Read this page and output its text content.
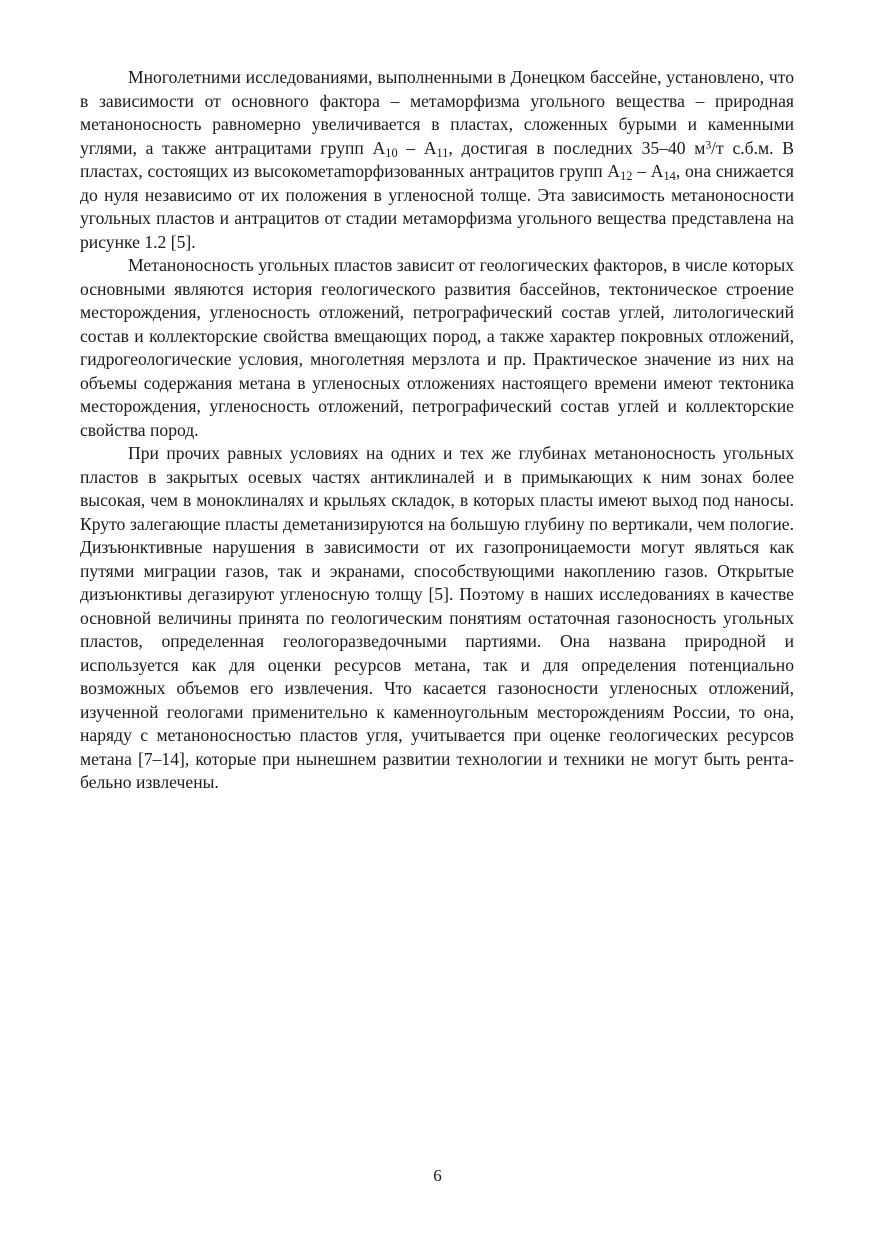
Многолетними исследованиями, выполненными в Донецком бассейне, установлено, что в зависимости от основного фактора – метаморфизма угольного вещества – природная метаноносность равномерно увеличивается в пластах, сложенных бурыми и каменными углями, а также антрацитами групп $А_{10} - А_{11}$, достигая в последних 35–40 $м^3/т$ с.б.м. В пластах, состоящих из высокометаmорфизованных антрацитов групп $А_{12} - А_{14}$, она снижается до нуля независимо от их положения в угленосной толще. Эта зависимость метаноносности угольных пластов и антрацитов от стадии метаморфизма угольного вещества представлена на рисунке 1.2 [5].

Метаноносность угольных пластов зависит от геологических факторов, в числе которых основными являются история геологического развития бассейнов, тектоническое строение месторождения, угленосность отложений, петрографический состав углей, литологический состав и коллекторские свойства вмещающих пород, а также характер покровных отложений, гидрогеологические условия, многолетняя мерзлота и пр. Практическое значение из них на объемы содержания метана в угленосных отложениях настоящего времени имеют тектоника месторождения, угленосность отложений, петрографический состав углей и коллекторские свойства пород.

При прочих равных условиях на одних и тех же глубинах метаноносность угольных пластов в закрытых осевых частях антиклиналей и в примыкающих к ним зонах более высокая, чем в моноклиналях и крыльях складок, в которых пласты имеют выход под наносы. Круто залегающие пласты деметанизируются на большую глубину по вертикали, чем пологие. Дизъюнктивные нарушения в зависимости от их газопроницаемости могут являться как путями миграции газов, так и экранами, способствующими накоплению газов. Открытые дизъюнктивы дегазируют угленосную толщу [5]. Поэтому в наших исследованиях в качестве основной величины принята по геологическим понятиям остаточная газоносность угольных пластов, определенная геологоразведочными партиями. Она названа природной и используется как для оценки ресурсов метана, так и для определения потенциально возможных объемов его извлечения. Что касается газоносности угленосных отложений, изученной геологами применительно к каменноугольным месторождениям России, то она, наряду с метаноносностью пластов угля, учитывается при оценке геологических ресурсов метана [7–14], которые при нынешнем развитии технологии и техники не могут быть рентабельно извлечены.

6
